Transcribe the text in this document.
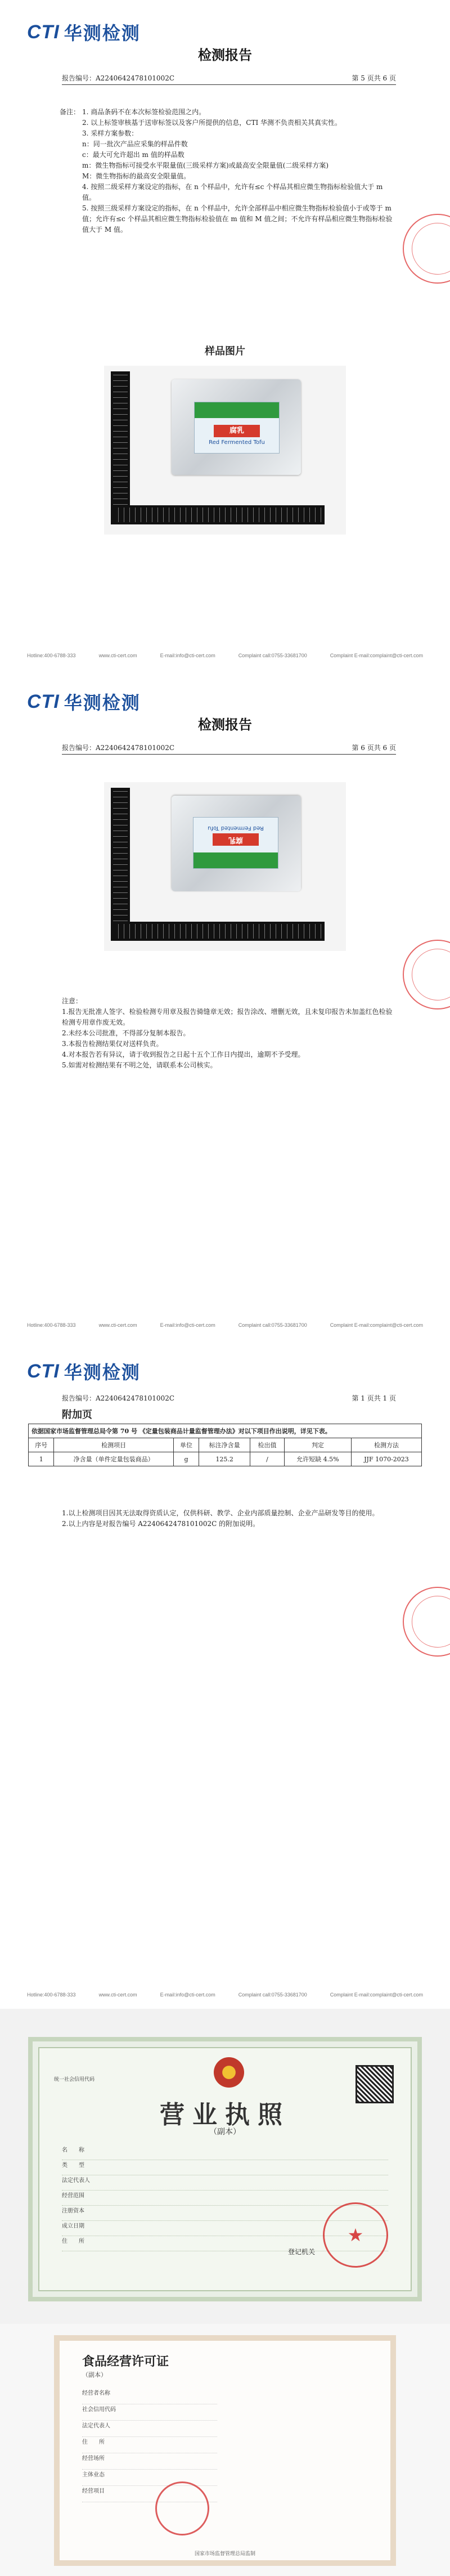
CTI 华测检测
检测报告
报告编号：A2240642478101002C	第 5 页共 6 页
备注： 1. 商品条码不在本次标签检验范围之内。

2. 以上标签审核基于送审标签以及客户所提供的信息，CTI 华测不负责相关其真实性。

3. 采样方案参数：

n：同一批次产品应采集的样品件数

c：最大可允许超出 m 值的样品数

m：微生物指标可接受水平限量值(三级采样方案)或最高安全限量值(二级采样方案)

M：微生物指标的最高安全限量值。

4. 按照二级采样方案设定的指标，在 n 个样品中，允许有≤c 个样品其相应微生物指标检验值大于 m 值。

5. 按照三级采样方案设定的指标，在 n 个样品中，允许全部样品中相应微生物指标检验值小于或等于 m 值；允许有≤c 个样品其相应微生物指标检验值在 m 值和 M 值之间；不允许有样品相应微生物指标检验值大于 M 值。

样品图片
腐乳
Red Fermented Tofu
Hotline:400-6788-333	www.cti-cert.com	E-mail:info@cti-cert.com	Complaint call:0755-33681700	Complaint E-mail:complaint@cti-cert.com
CTI 华测检测
检测报告
报告编号：A2240642478101002C	第 6 页共 6 页
腐乳
Red Fermented Tofu

注意：

1.报告无批准人签字、检验检测专用章及报告骑缝章无效；报告涂改、增删无效，且未复印报告未加盖红色检验检测专用章作废无效。

2.未经本公司批准，不得部分复制本报告。

3.本报告检测结果仅对送样负责。

4.对本报告若有异议，请于收到报告之日起十五个工作日内提出，逾期不予受理。

5.如需对检测结果有不明之处，请联系本公司核实。

Hotline:400-6788-333	www.cti-cert.com	E-mail:info@cti-cert.com	Complaint call:0755-33681700	Complaint E-mail:complaint@cti-cert.com
CTI 华测检测
报告编号：A2240642478101002C	第 1 页共 1 页
附加页
依据国家市场监督管理总局令第 70 号 《定量包装商品计量监督管理办法》对以下项目作出说明，详见下表。						
序号	检测项目	单位	标注净含量	检出值	判定	检测方法
1	净含量（单件定量包装商品）	g	125.2	/	允许短缺 4.5%	JJF 1070-2023

1.以上检测项目因其无法取得资质认定，仅供科研、教学、企业内部质量控制、企业产品研发等目的使用。

2.以上内容是对报告编号 A2240642478101002C 的附加说明。

Hotline:400-6788-333	www.cti-cert.com	E-mail:info@cti-cert.com	Complaint call:0755-33681700	Complaint E-mail:complaint@cti-cert.com
统一社会信用代码
营业执照
（副本）
名　　称
类　　型
法定代表人
经营范围
注册资本
成立日期
住　　所
登记机关
★
食品经营许可证
（副本）
经营者名称
社会信用代码
法定代表人
住　　所
经营场所
主体业态
经营项目
国家市场监督管理总局监制
